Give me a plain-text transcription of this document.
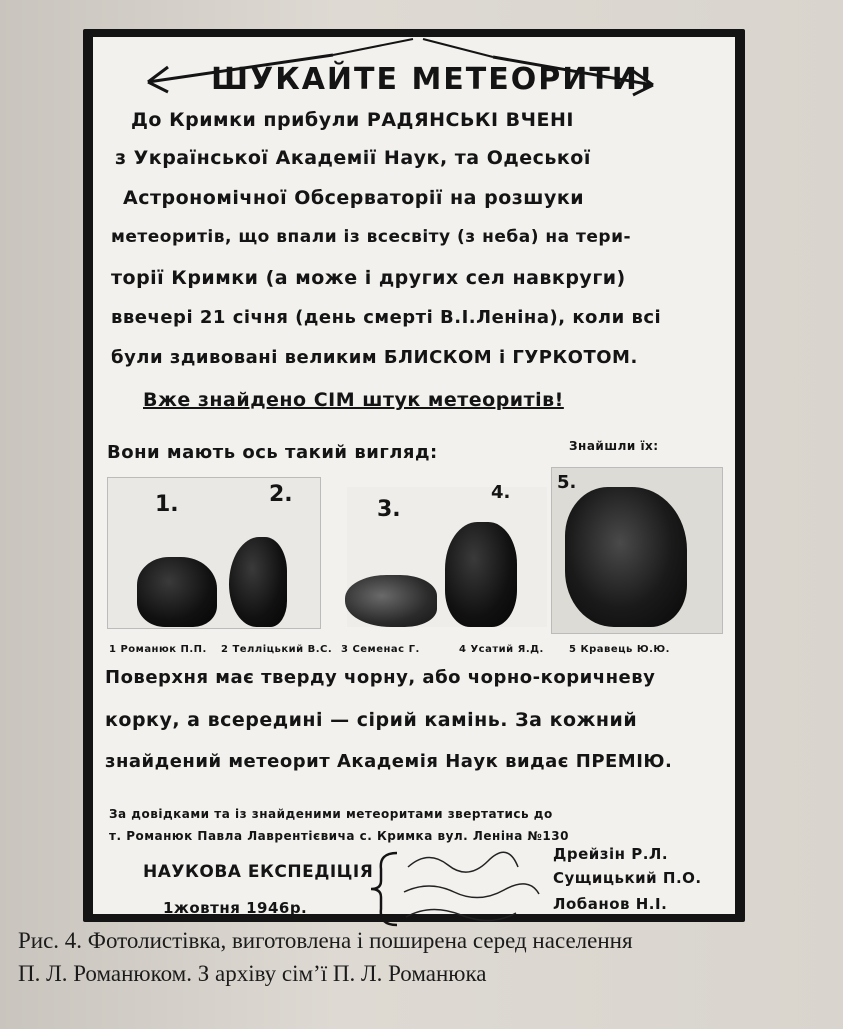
ШУКАЙТЕ МЕТЕОРИТИ!
До Кримки прибули РАДЯНСЬКІ ВЧЕНІ
з Української Академії Наук, та Одеської
Астрономічної Обсерваторії на розшуки
метеоритів, що впали із всесвіту (з неба) на тери-
торії Кримки (а може і других сел навкруги)
ввечері 21 січня (день смерті В.І.Леніна), коли всі
були здивовані великим БЛИСКОМ і ГУРКОТОМ.
Вже знайдено СІМ штук метеоритів!
Вони мають ось такий вигляд:	Знайшли їх:
1.	2.
3.
4.	5.
1 Романюк П.П. 2 Телліцький В.С. 3 Семенас Г.	4 Усатий Я.Д.	5 Кравець Ю.Ю.
Поверхня має тверду чорну, або чорно-коричневу
корку, а всередині — сірий камінь. За кожний
знайдений метеорит Академія Наук видає ПРЕМІЮ.
За довідками та із знайденими метеоритами звертатись до
т. Романюк Павла Лаврентієвича с. Кримка вул. Леніна №130
НАУКОВА ЕКСПЕДІЦІЯ
1жовтня 1946р.
Дрейзін Р.Л.
Сущицький П.О.
Лобанов Н.І.
Рис. 4. Фотолистівка, виготовлена і поширена серед населення
П. Л. Романюком. З архіву сім’ї П. Л. Романюка
